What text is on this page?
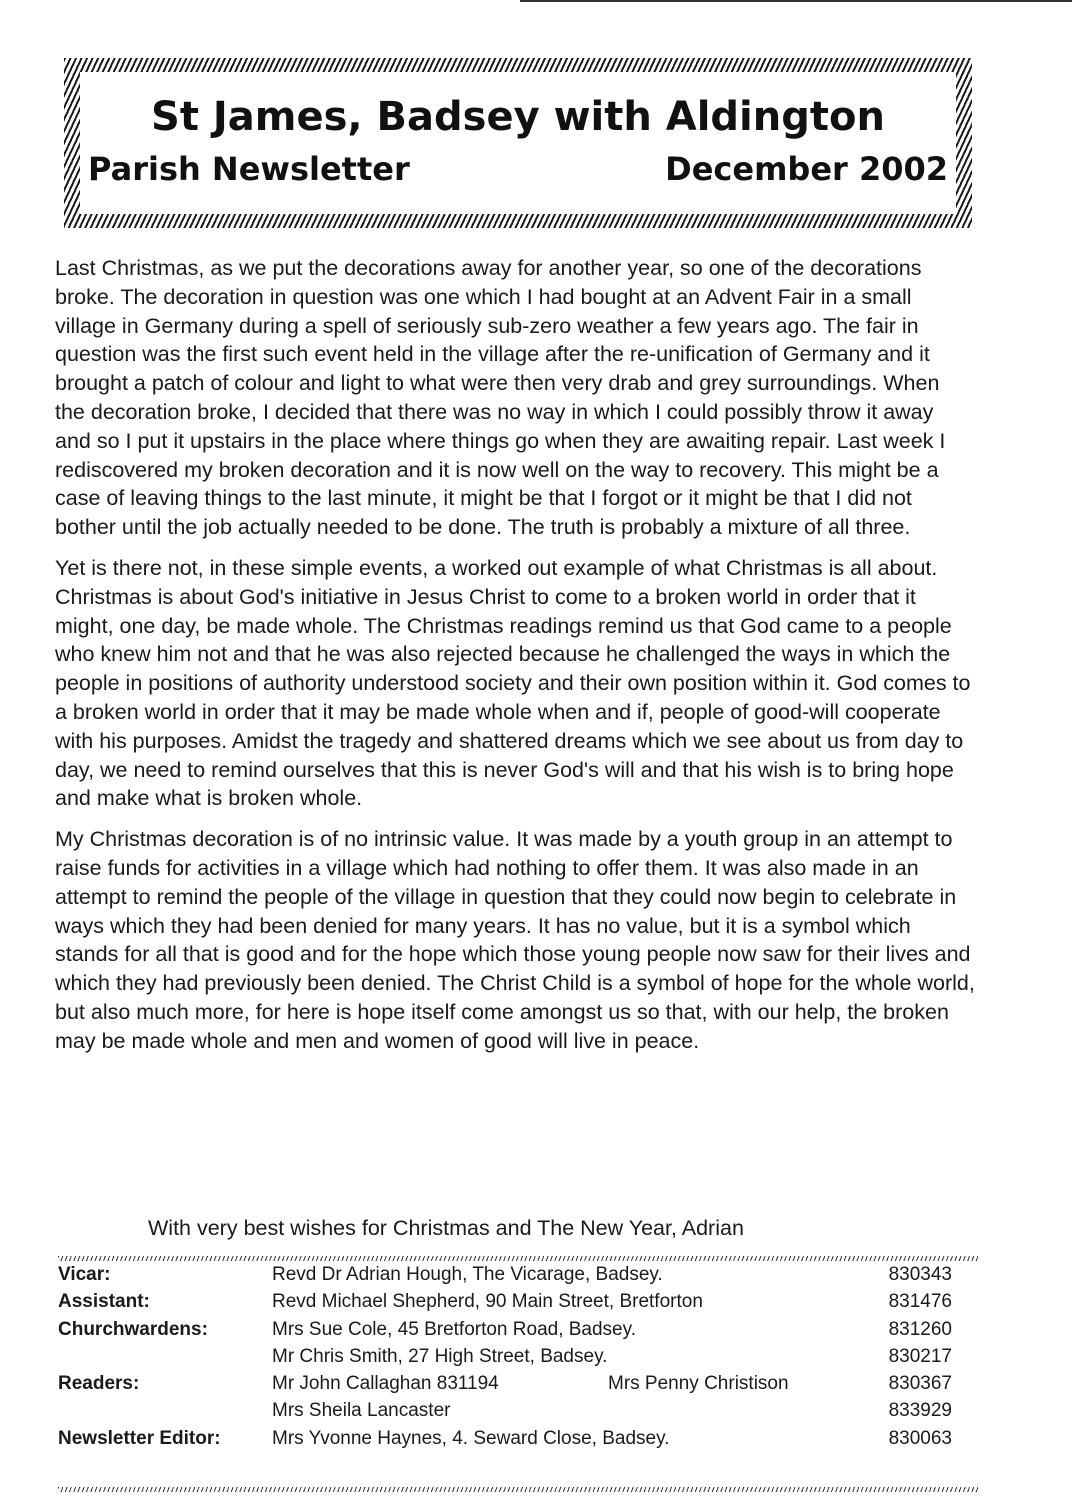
St James, Badsey with Aldington
Parish Newsletter	December 2002

Last Christmas, as we put the decorations away for another year, so one of the decorations broke. The decoration in question was one which I had bought at an Advent Fair in a small village in Germany during a spell of seriously sub-zero weather a few years ago. The fair in question was the first such event held in the village after the re-unification of Germany and it brought a patch of colour and light to what were then very drab and grey surroundings. When the decoration broke, I decided that there was no way in which I could possibly throw it away and so I put it upstairs in the place where things go when they are awaiting repair. Last week I rediscovered my broken decoration and it is now well on the way to recovery. This might be a case of leaving things to the last minute, it might be that I forgot or it might be that I did not bother until the job actually needed to be done. The truth is probably a mixture of all three.

Yet is there not, in these simple events, a worked out example of what Christmas is all about. Christmas is about God's initiative in Jesus Christ to come to a broken world in order that it might, one day, be made whole. The Christmas readings remind us that God came to a people who knew him not and that he was also rejected because he challenged the ways in which the people in positions of authority understood society and their own position within it. God comes to a broken world in order that it may be made whole when and if, people of good-will cooperate with his purposes. Amidst the tragedy and shattered dreams which we see about us from day to day, we need to remind ourselves that this is never God's will and that his wish is to bring hope and make what is broken whole.

My Christmas decoration is of no intrinsic value. It was made by a youth group in an attempt to raise funds for activities in a village which had nothing to offer them. It was also made in an attempt to remind the people of the village in question that they could now begin to celebrate in ways which they had been denied for many years. It has no value, but it is a symbol which stands for all that is good and for the hope which those young people now saw for their lives and which they had previously been denied. The Christ Child is a symbol of hope for the whole world, but also much more, for here is hope itself come amongst us so that, with our help, the broken may be made whole and men and women of good will live in peace.

With very best wishes for Christmas and The New Year, Adrian
Vicar:	Revd Dr Adrian Hough, The Vicarage, Badsey.	830343
Assistant:	Revd Michael Shepherd, 90 Main Street, Bretforton	831476
Churchwardens:	Mrs Sue Cole, 45 Bretforton Road, Badsey.	831260
Mr Chris Smith, 27 High Street, Badsey.	830217
Readers:	Mr John Callaghan 831194	Mrs Penny Christison	830367
Mrs Sheila Lancaster	833929
Newsletter Editor:	Mrs Yvonne Haynes, 4. Seward Close, Badsey.	830063
